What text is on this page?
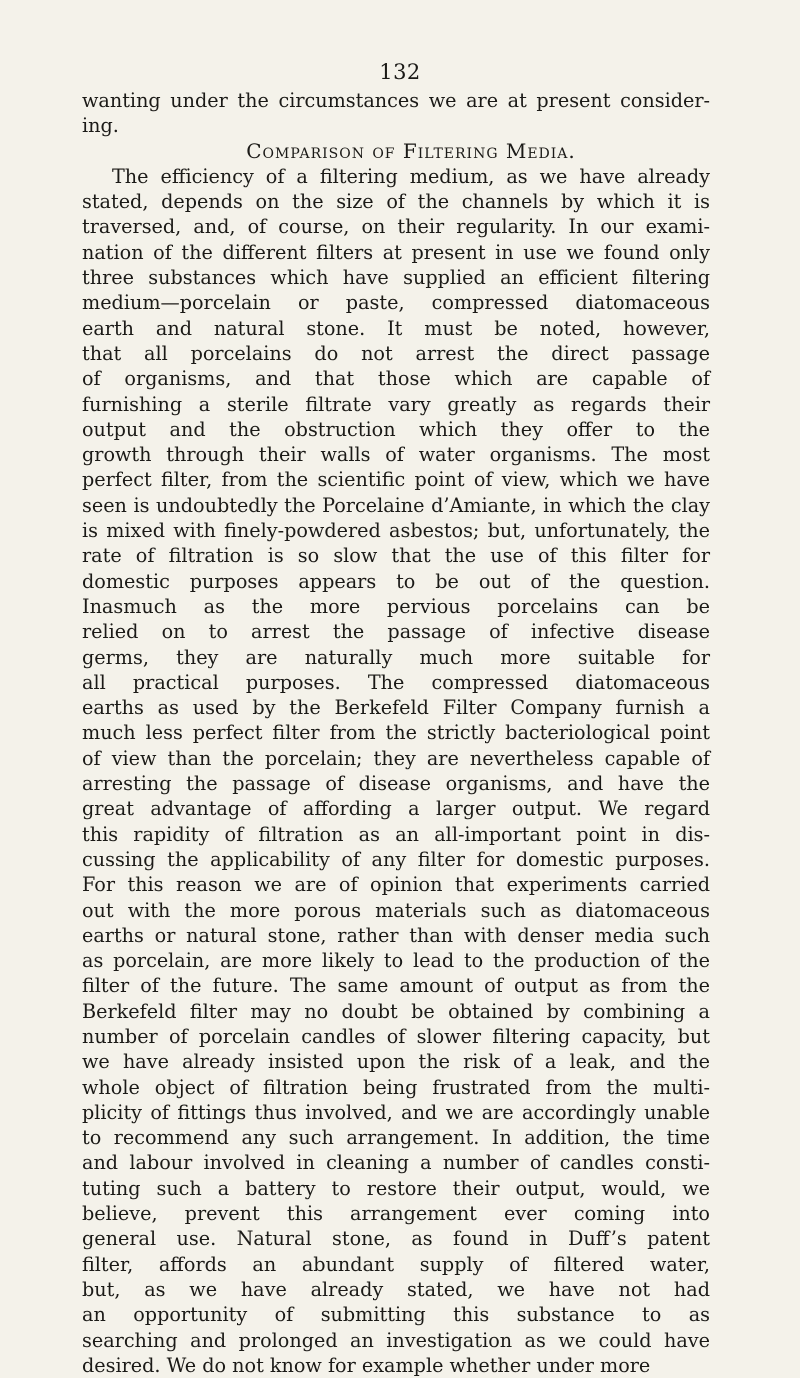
132
wanting under the circumstances we are at present consider-
ing.
Comparison of Filtering Media.
The efficiency of a filtering medium, as we have already
stated, depends on the size of the channels by which it is
traversed, and, of course, on their regularity. In our exami-
nation of the different filters at present in use we found only
three substances which have supplied an efficient filtering
medium—porcelain or paste, compressed diatomaceous
earth and natural stone. It must be noted, however,
that all porcelains do not arrest the direct passage
of organisms, and that those which are capable of
furnishing a sterile filtrate vary greatly as regards their
output and the obstruction which they offer to the
growth through their walls of water organisms. The most
perfect filter, from the scientific point of view, which we have
seen is undoubtedly the Porcelaine d’Amiante, in which the clay
is mixed with finely-powdered asbestos; but, unfortunately, the
rate of filtration is so slow that the use of this filter for
domestic purposes appears to be out of the question.
Inasmuch as the more pervious porcelains can be
relied on to arrest the passage of infective disease
germs, they are naturally much more suitable for
all practical purposes. The compressed diatomaceous
earths as used by the Berkefeld Filter Company furnish a
much less perfect filter from the strictly bacteriological point
of view than the porcelain; they are nevertheless capable of
arresting the passage of disease organisms, and have the
great advantage of affording a larger output. We regard
this rapidity of filtration as an all-important point in dis-
cussing the applicability of any filter for domestic purposes.
For this reason we are of opinion that experiments carried
out with the more porous materials such as diatomaceous
earths or natural stone, rather than with denser media such
as porcelain, are more likely to lead to the production of the
filter of the future. The same amount of output as from the
Berkefeld filter may no doubt be obtained by combining a
number of porcelain candles of slower filtering capacity, but
we have already insisted upon the risk of a leak, and the
whole object of filtration being frustrated from the multi-
plicity of fittings thus involved, and we are accordingly unable
to recommend any such arrangement. In addition, the time
and labour involved in cleaning a number of candles consti-
tuting such a battery to restore their output, would, we
believe, prevent this arrangement ever coming into
general use. Natural stone, as found in Duff’s patent
filter, affords an abundant supply of filtered water,
but, as we have already stated, we have not had
an opportunity of submitting this substance to as
searching and prolonged an investigation as we could have
desired. We do not know for example whether under more
